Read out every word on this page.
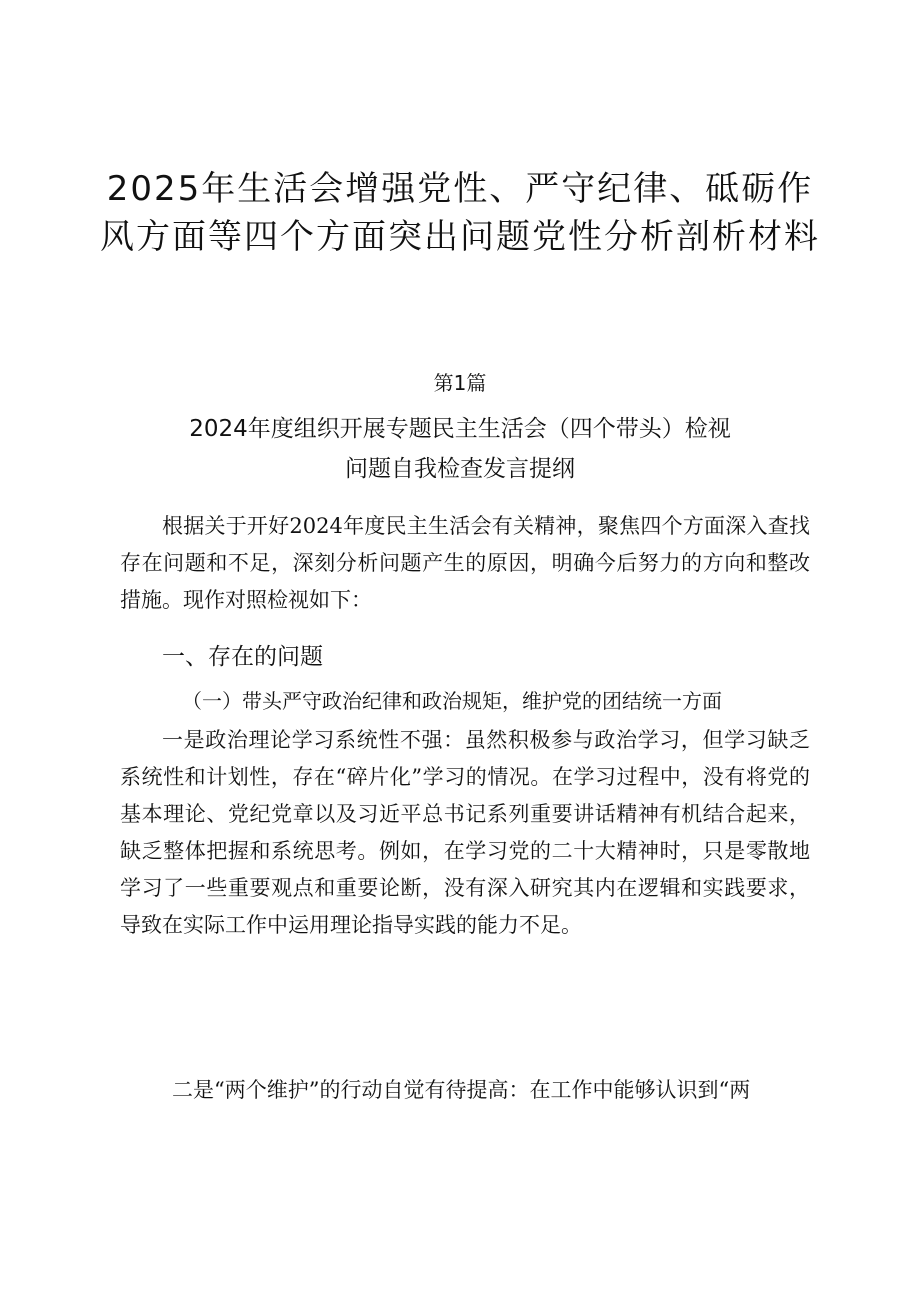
2025年生活会增强党性、严守纪律、砥砺作
风方面等四个方面突出问题党性分析剖析材料
第1篇
2024年度组织开展专题民主生活会（四个带头）检视
问题自我检查发言提纲
根据关于开好2024年度民主生活会有关精神，聚焦四个方面深入查找存在问题和不足，深刻分析问题产生的原因，明确今后努力的方向和整改措施。现作对照检视如下：
一、存在的问题
（一）带头严守政治纪律和政治规矩，维护党的团结统一方面
一是政治理论学习系统性不强：虽然积极参与政治学习，但学习缺乏系统性和计划性，存在“碎片化”学习的情况。在学习过程中，没有将党的基本理论、党纪党章以及习近平总书记系列重要讲话精神有机结合起来，缺乏整体把握和系统思考。例如，在学习党的二十大精神时，只是零散地学习了一些重要观点和重要论断，没有深入研究其内在逻辑和实践要求，导致在实际工作中运用理论指导实践的能力不足。
二是“两个维护”的行动自觉有待提高：在工作中能够认识到“两
